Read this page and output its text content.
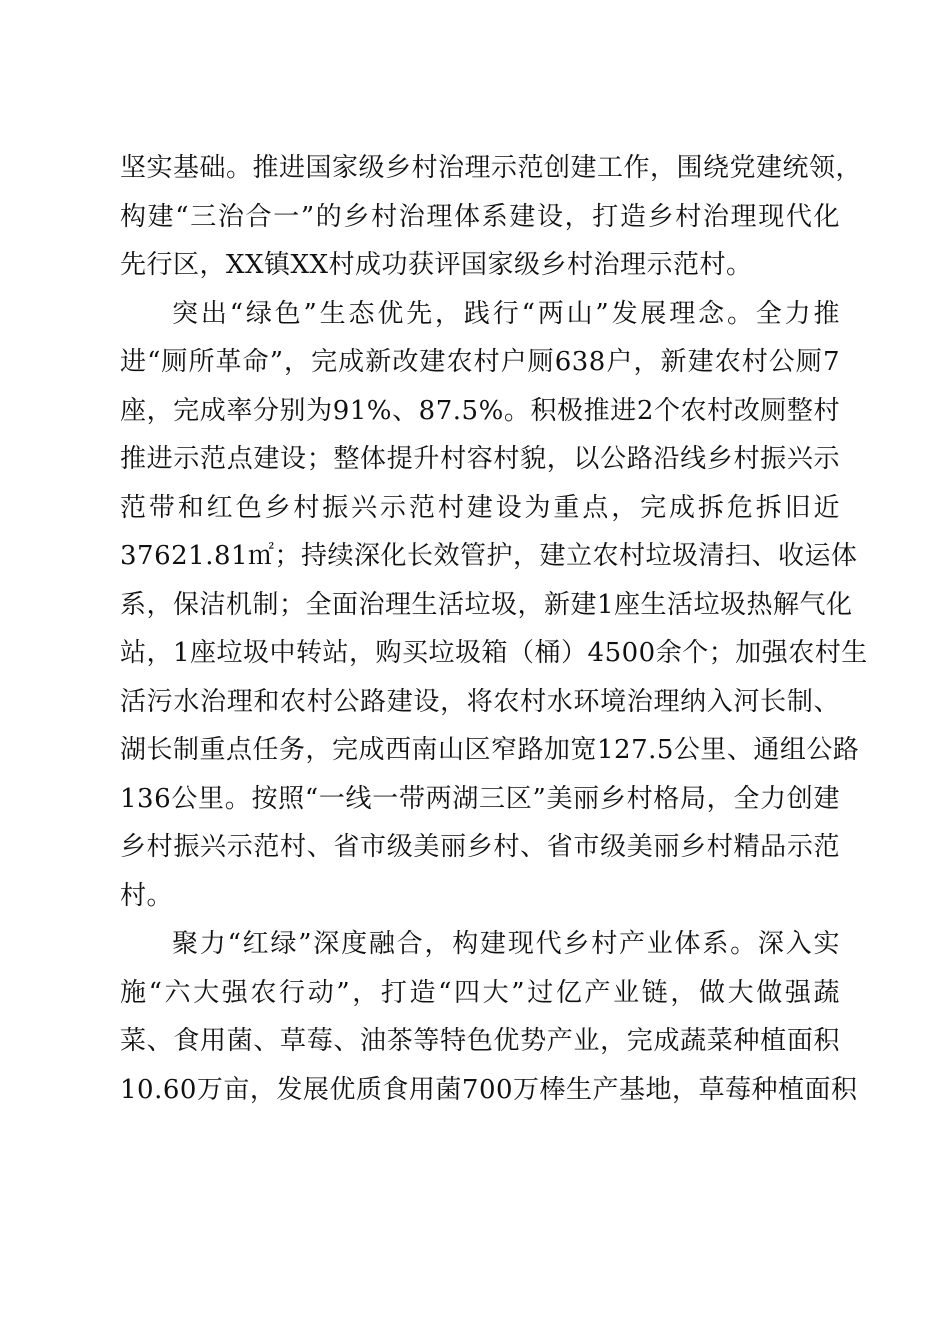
坚实基础。推进国家级乡村治理示范创建工作，围绕党建统领，
构建“三治合一”的乡村治理体系建设，打造乡村治理现代化
先行区，XX镇XX村成功获评国家级乡村治理示范村。
突出“绿色”生态优先，践行“两山”发展理念。全力推
进“厕所革命”，完成新改建农村户厕638户，新建农村公厕7
座，完成率分别为91%、87.5%。积极推进2个农村改厕整村
推进示范点建设；整体提升村容村貌，以公路沿线乡村振兴示
范带和红色乡村振兴示范村建设为重点，完成拆危拆旧近
37621.81㎡；持续深化长效管护，建立农村垃圾清扫、收运体
系，保洁机制；全面治理生活垃圾，新建1座生活垃圾热解气化
站，1座垃圾中转站，购买垃圾箱（桶）4500余个；加强农村生
活污水治理和农村公路建设，将农村水环境治理纳入河长制、
湖长制重点任务，完成西南山区窄路加宽127.5公里、通组公路
136公里。按照“一线一带两湖三区”美丽乡村格局，全力创建
乡村振兴示范村、省市级美丽乡村、省市级美丽乡村精品示范
村。
聚力“红绿”深度融合，构建现代乡村产业体系。深入实
施“六大强农行动”，打造“四大”过亿产业链，做大做强蔬
菜、食用菌、草莓、油茶等特色优势产业，完成蔬菜种植面积
10.60万亩，发展优质食用菌700万棒生产基地，草莓种植面积
